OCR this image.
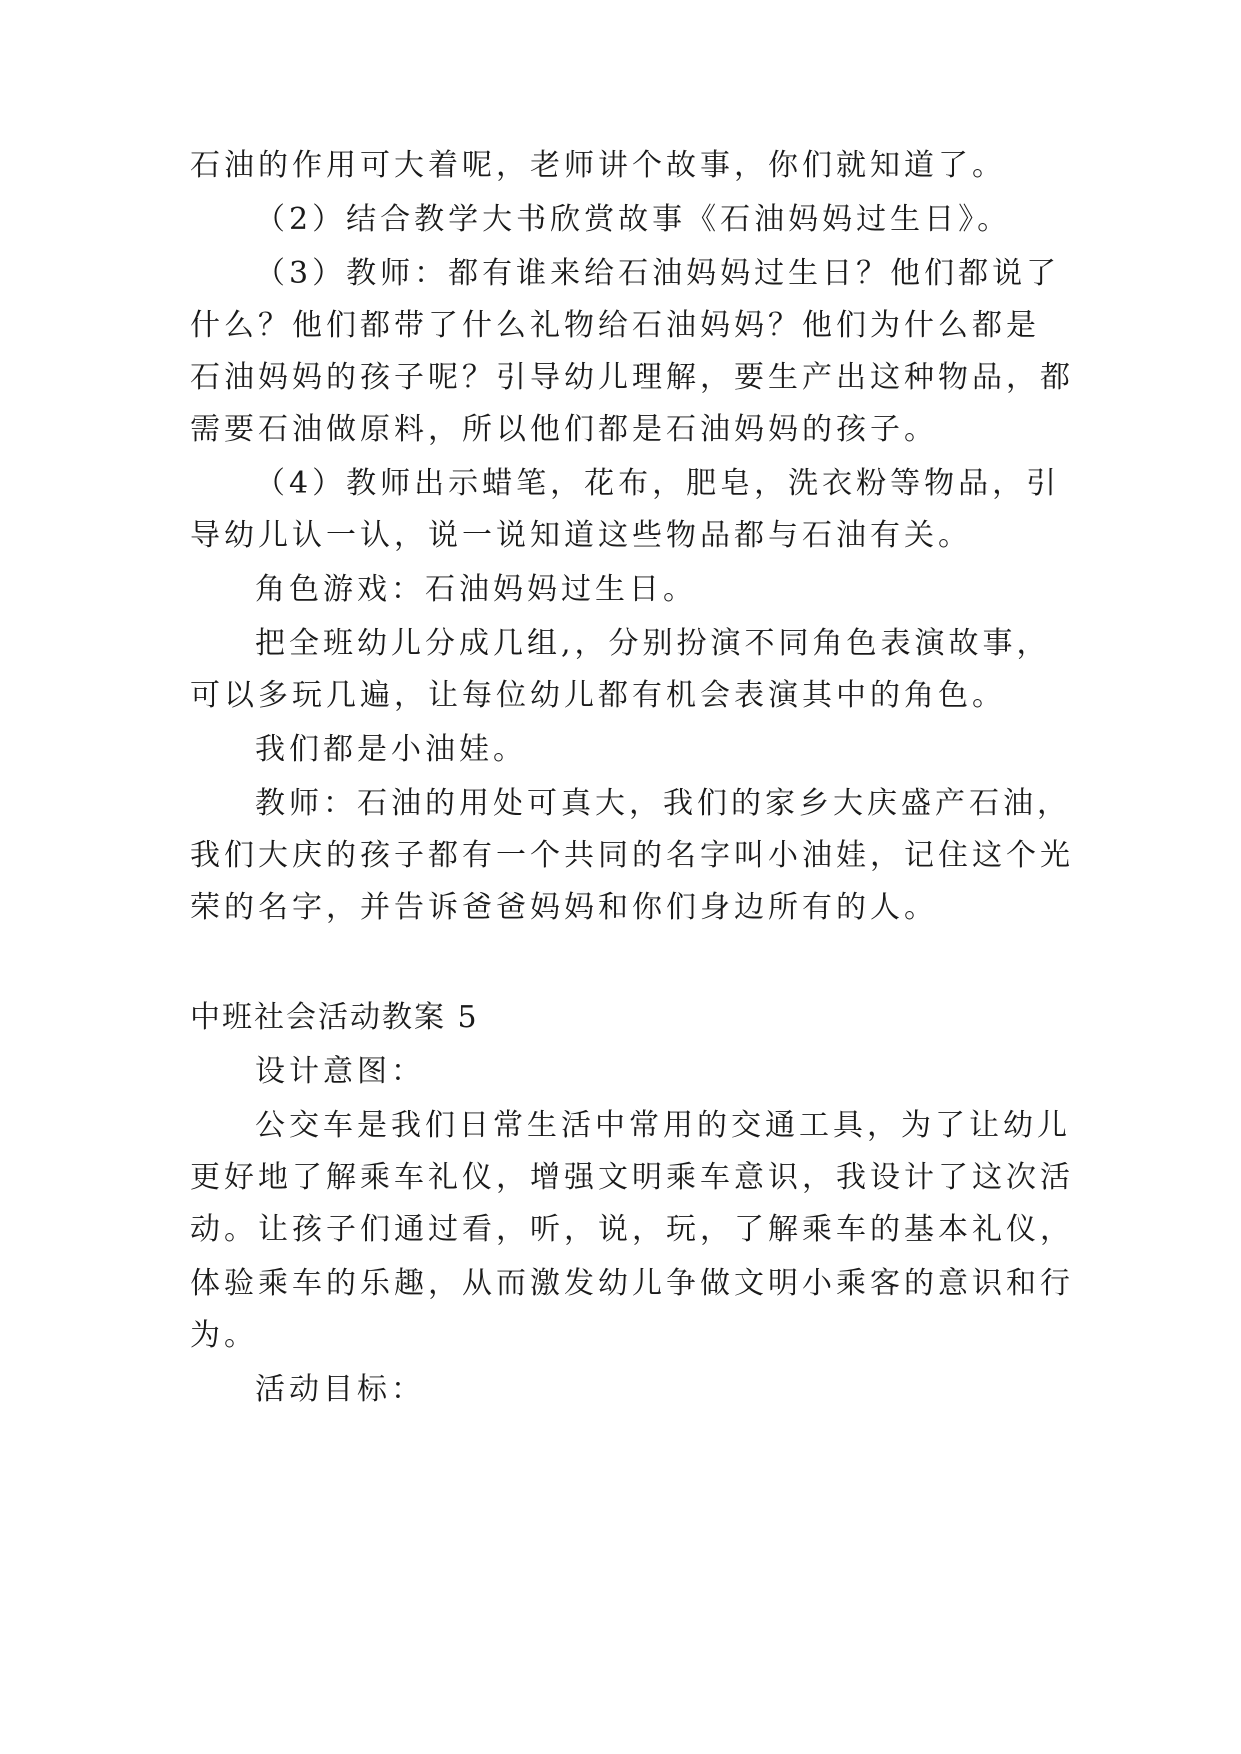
石油的作用可大着呢，老师讲个故事，你们就知道了。
（2）结合教学大书欣赏故事《石油妈妈过生日》。
（3）教师：都有谁来给石油妈妈过生日？他们都说了
什么？他们都带了什么礼物给石油妈妈？他们为什么都是
石油妈妈的孩子呢？引导幼儿理解，要生产出这种物品，都
需要石油做原料，所以他们都是石油妈妈的孩子。
（4）教师出示蜡笔，花布，肥皂，洗衣粉等物品，引
导幼儿认一认，说一说知道这些物品都与石油有关。
角色游戏：石油妈妈过生日。
把全班幼儿分成几组,，分别扮演不同角色表演故事，
可以多玩几遍，让每位幼儿都有机会表演其中的角色。
我们都是小油娃。
教师：石油的用处可真大，我们的家乡大庆盛产石油，
我们大庆的孩子都有一个共同的名字叫小油娃，记住这个光
荣的名字，并告诉爸爸妈妈和你们身边所有的人。
中班社会活动教案 5
设计意图：
公交车是我们日常生活中常用的交通工具，为了让幼儿
更好地了解乘车礼仪，增强文明乘车意识，我设计了这次活
动。让孩子们通过看，听，说，玩，了解乘车的基本礼仪，
体验乘车的乐趣，从而激发幼儿争做文明小乘客的意识和行
为。
活动目标：
